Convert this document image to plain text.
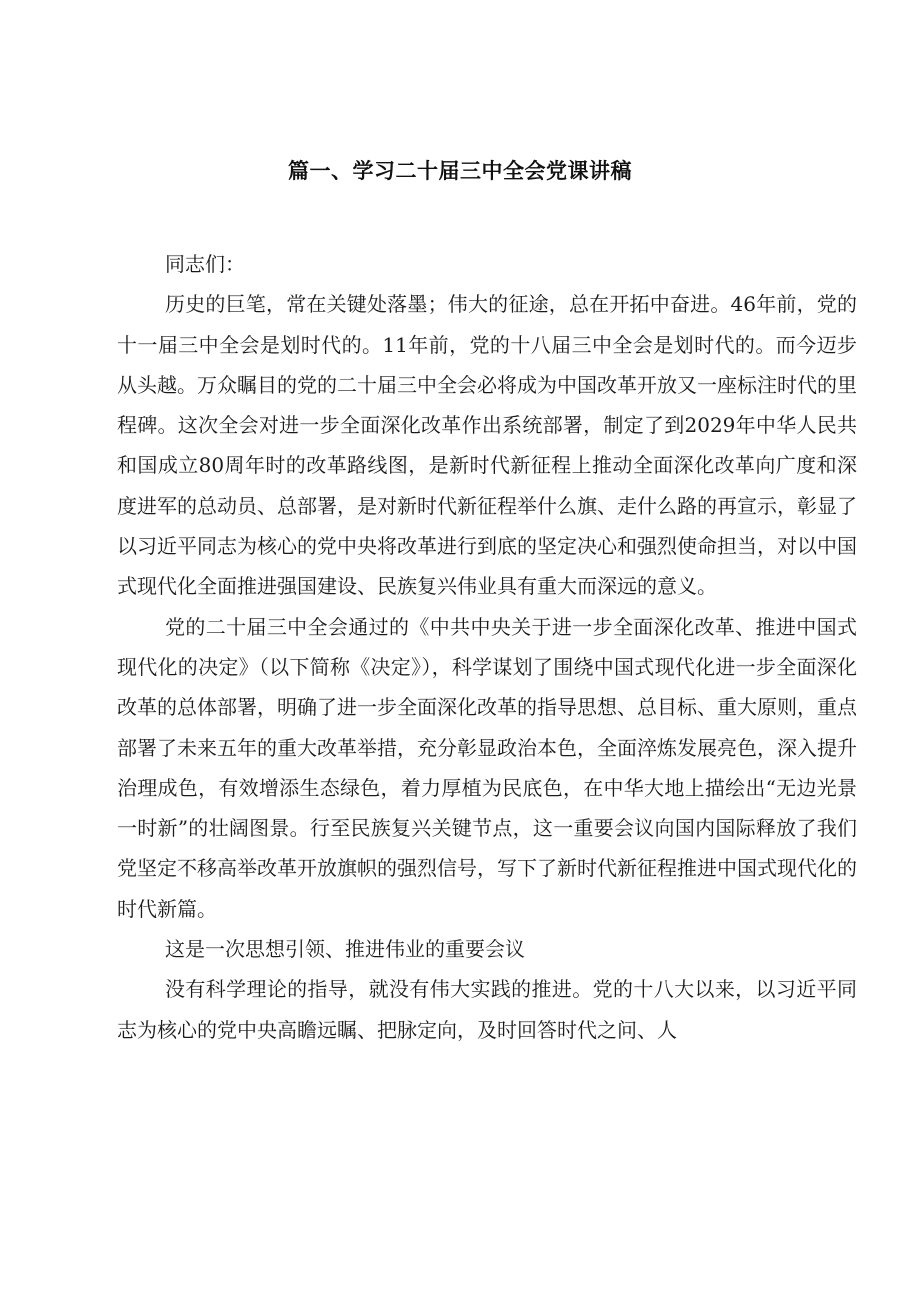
篇一、学习二十届三中全会党课讲稿

同志们：

历史的巨笔，常在关键处落墨；伟大的征途，总在开拓中奋进。46年前，党的十一届三中全会是划时代的。11年前，党的十八届三中全会是划时代的。而今迈步从头越。万众瞩目的党的二十届三中全会必将成为中国改革开放又一座标注时代的里程碑。这次全会对进一步全面深化改革作出系统部署，制定了到2029年中华人民共和国成立80周年时的改革路线图，是新时代新征程上推动全面深化改革向广度和深度进军的总动员、总部署，是对新时代新征程举什么旗、走什么路的再宣示，彰显了以习近平同志为核心的党中央将改革进行到底的坚定决心和强烈使命担当，对以中国式现代化全面推进强国建设、民族复兴伟业具有重大而深远的意义。

党的二十届三中全会通过的《中共中央关于进一步全面深化改革、推进中国式现代化的决定》（以下简称《决定》），科学谋划了围绕中国式现代化进一步全面深化改革的总体部署，明确了进一步全面深化改革的指导思想、总目标、重大原则，重点部署了未来五年的重大改革举措，充分彰显政治本色，全面淬炼发展亮色，深入提升治理成色，有效增添生态绿色，着力厚植为民底色，在中华大地上描绘出“无边光景一时新”的壮阔图景。行至民族复兴关键节点，这一重要会议向国内国际释放了我们党坚定不移高举改革开放旗帜的强烈信号，写下了新时代新征程推进中国式现代化的时代新篇。

这是一次思想引领、推进伟业的重要会议

没有科学理论的指导，就没有伟大实践的推进。党的十八大以来，以习近平同志为核心的党中央高瞻远瞩、把脉定向，及时回答时代之问、人
